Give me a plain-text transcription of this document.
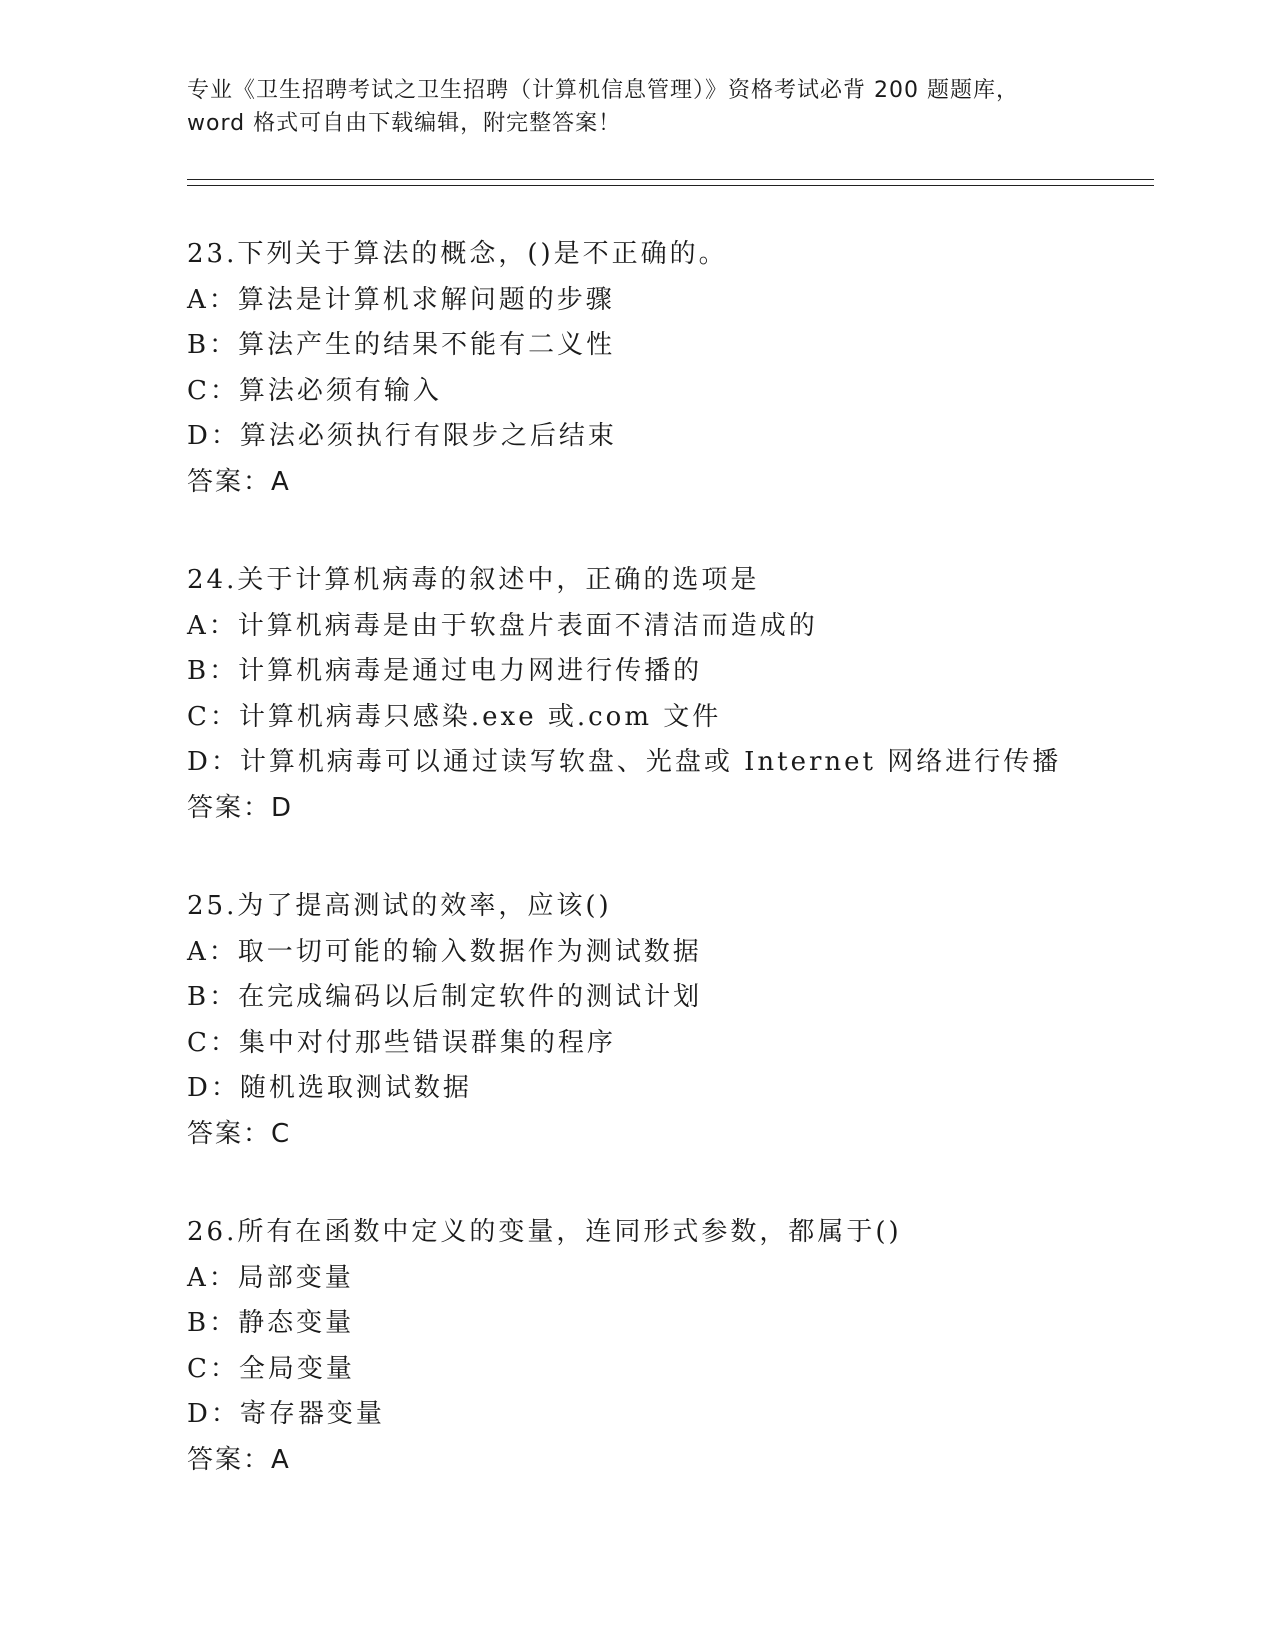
专业《卫生招聘考试之卫生招聘（计算机信息管理）》资格考试必背 200 题题库，

word 格式可自由下载编辑，附完整答案！

23.下列关于算法的概念，()是不正确的。
A：算法是计算机求解问题的步骤
B：算法产生的结果不能有二义性
C：算法必须有输入
D：算法必须执行有限步之后结束
答案：A
24.关于计算机病毒的叙述中，正确的选项是
A：计算机病毒是由于软盘片表面不清洁而造成的
B：计算机病毒是通过电力网进行传播的
C：计算机病毒只感染.exe 或.com 文件
D：计算机病毒可以通过读写软盘、光盘或 Internet 网络进行传播
答案：D
25.为了提高测试的效率，应该()
A：取一切可能的输入数据作为测试数据
B：在完成编码以后制定软件的测试计划
C：集中对付那些错误群集的程序
D：随机选取测试数据
答案：C
26.所有在函数中定义的变量，连同形式参数，都属于()
A：局部变量
B：静态变量
C：全局变量
D：寄存器变量
答案：A
